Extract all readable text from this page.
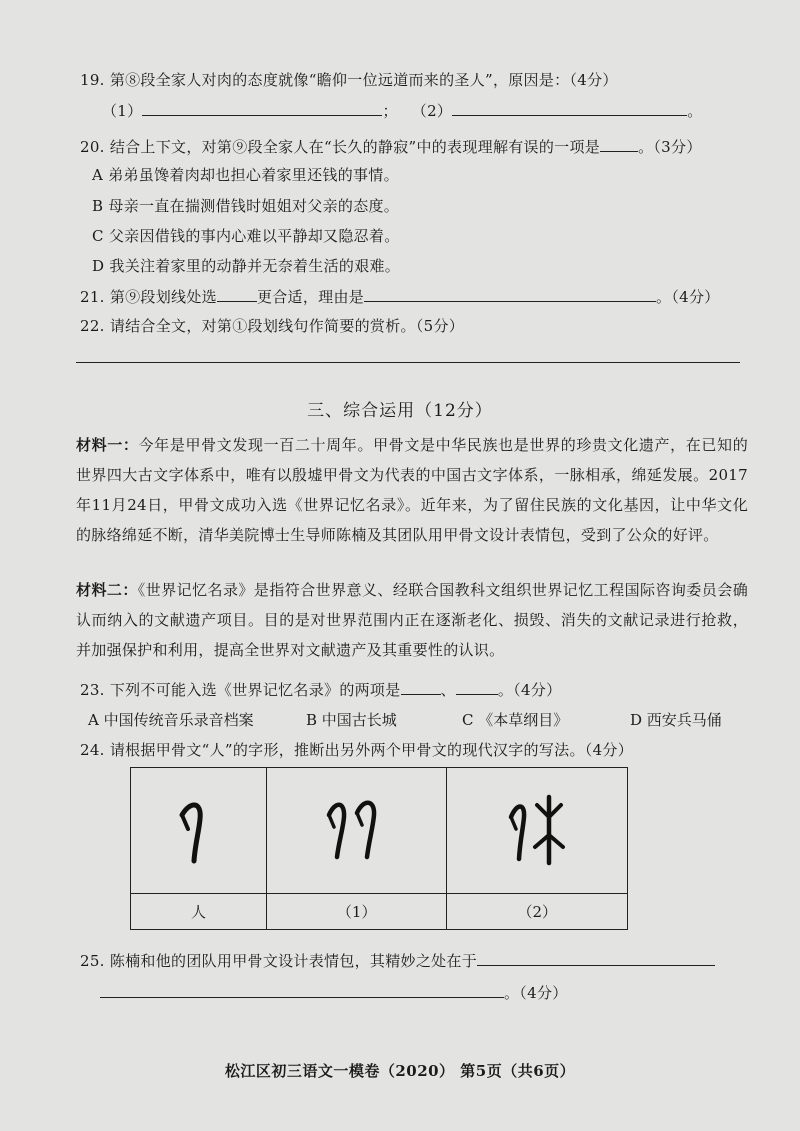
19. 第⑧段全家人对肉的态度就像“瞻仰一位远道而来的圣人”，原因是：（4分）
（1）	； （2）	。
20. 结合上下文，对第⑨段全家人在“长久的静寂”中的表现理解有误的一项是	。（3分）
A 弟弟虽馋着肉却也担心着家里还钱的事情。
B 母亲一直在揣测借钱时姐姐对父亲的态度。
C 父亲因借钱的事内心难以平静却又隐忍着。
D 我关注着家里的动静并无奈着生活的艰难。
21. 第⑨段划线处选	更合适，理由是	。（4分）
22. 请结合全文，对第①段划线句作简要的赏析。（5分）
三、综合运用（12分）

材料一：今年是甲骨文发现一百二十周年。甲骨文是中华民族也是世界的珍贵文化遗产，在已知的世界四大古文字体系中，唯有以殷墟甲骨文为代表的中国古文字体系，一脉相承，绵延发展。2017年11月24日，甲骨文成功入选《世界记忆名录》。近年来，为了留住民族的文化基因，让中华文化的脉络绵延不断，清华美院博士生导师陈楠及其团队用甲骨文设计表情包，受到了公众的好评。

材料二：《世界记忆名录》是指符合世界意义、经联合国教科文组织世界记忆工程国际咨询委员会确认而纳入的文献遗产项目。目的是对世界范围内正在逐渐老化、损毁、消失的文献记录进行抢救，并加强保护和利用，提高全世界对文献遗产及其重要性的认识。

23. 下列不可能入选《世界记忆名录》的两项是	、	。（4分）
A 中国传统音乐录音档案	B 中国古长城	C 《本草纲目》	D 西安兵马俑
24. 请根据甲骨文“人”的字形，推断出另外两个甲骨文的现代汉字的写法。（4分）

人	（1）	（2）
25. 陈楠和他的团队用甲骨文设计表情包，其精妙之处在于
。（4分）
松江区初三语文一模卷（2020） 第5页（共6页）
